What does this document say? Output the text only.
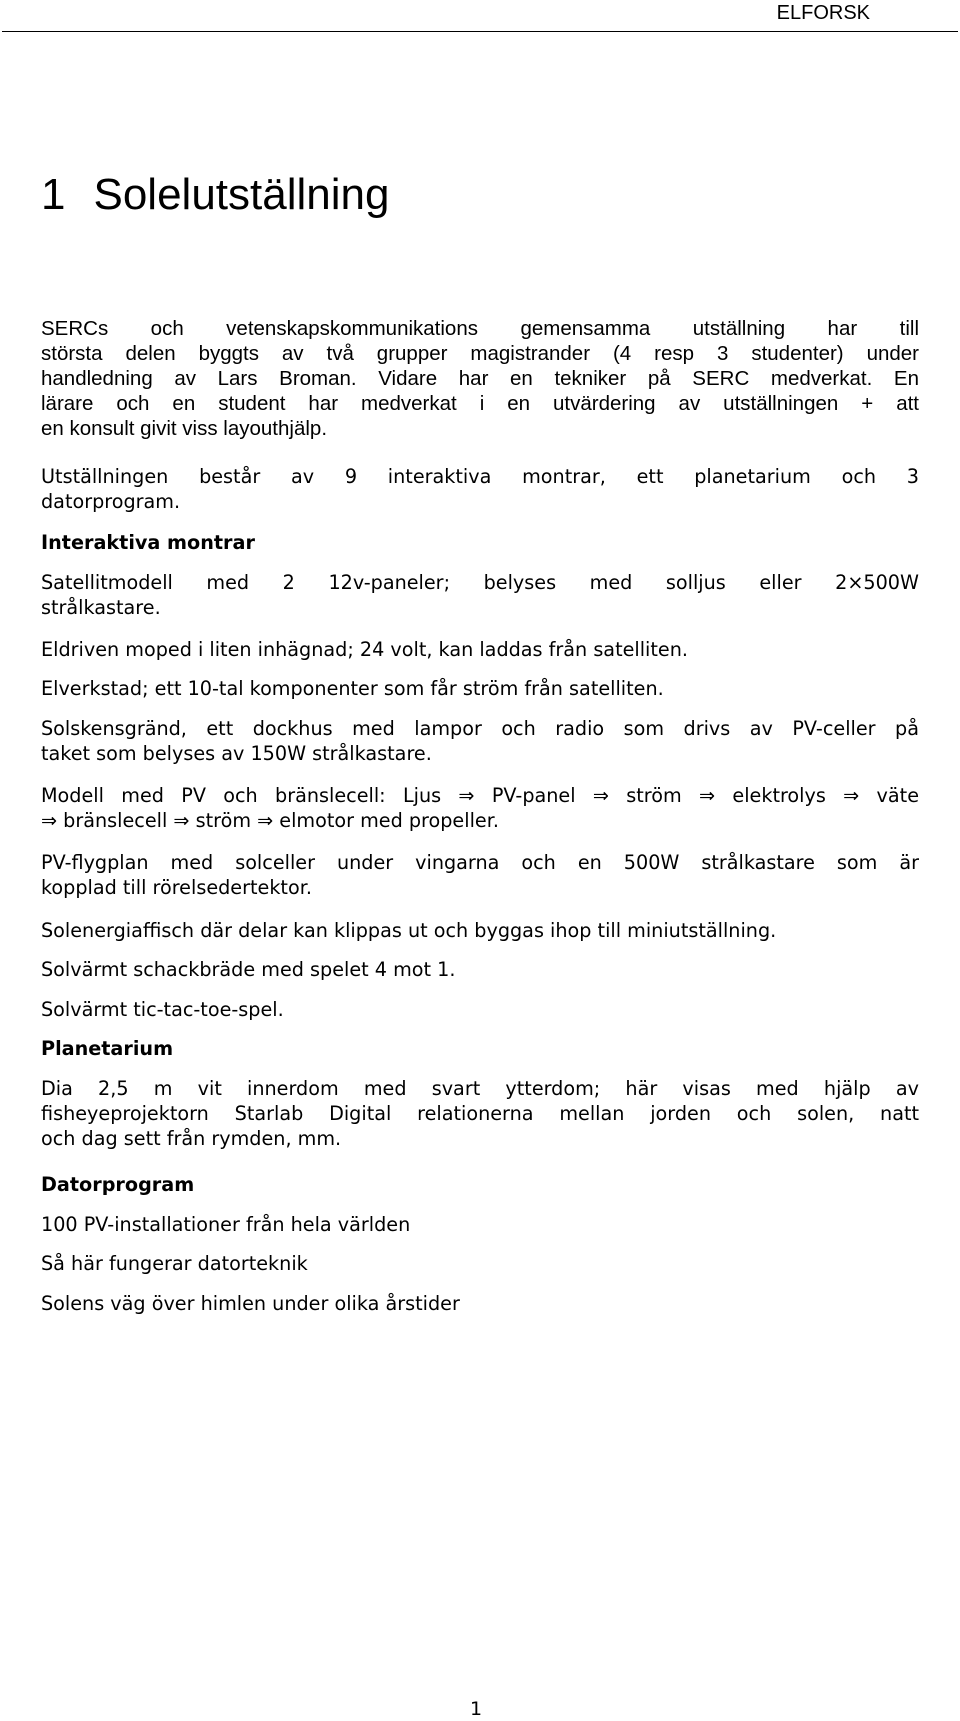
ELFORSK
1 Solelutställning
SERCs och vetenskapskommunikations gemensamma utställning har till
största delen byggts av två grupper magistrander (4 resp 3 studenter) under
handledning av Lars Broman. Vidare har en tekniker på SERC medverkat. En
lärare och en student har medverkat i en utvärdering av utställningen + att
en konsult givit viss layouthjälp.
Utställningen består av 9 interaktiva montrar, ett planetarium och 3
datorprogram.
Interaktiva montrar
Satellitmodell med 2 12v-paneler; belyses med solljus eller 2×500W
strålkastare.
Eldriven moped i liten inhägnad; 24 volt, kan laddas från satelliten.
Elverkstad; ett 10-tal komponenter som får ström från satelliten.
Solskensgränd, ett dockhus med lampor och radio som drivs av PV-celler på
taket som belyses av 150W strålkastare.
Modell med PV och bränslecell: Ljus ⇒ PV-panel ⇒ ström ⇒ elektrolys ⇒ väte
⇒ bränslecell ⇒ ström ⇒ elmotor med propeller.
PV-flygplan med solceller under vingarna och en 500W strålkastare som är
kopplad till rörelsedertektor.
Solenergiaffisch där delar kan klippas ut och byggas ihop till miniutställning.
Solvärmt schackbräde med spelet 4 mot 1.
Solvärmt tic-tac-toe-spel.
Planetarium
Dia 2,5 m vit innerdom med svart ytterdom; här visas med hjälp av
fisheyeprojektorn Starlab Digital relationerna mellan jorden och solen, natt
och dag sett från rymden, mm.
Datorprogram
100 PV-installationer från hela världen
Så här fungerar datorteknik
Solens väg över himlen under olika årstider
1
